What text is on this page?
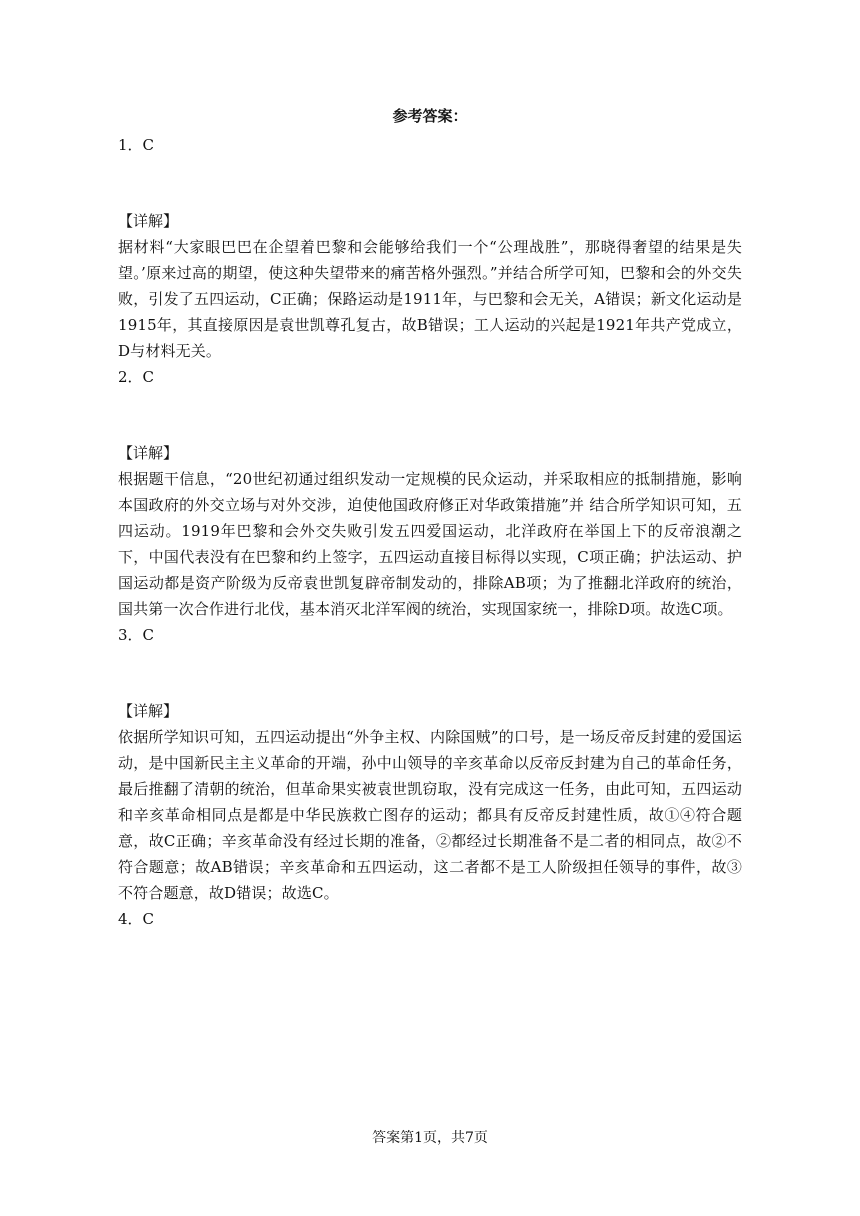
参考答案：
1．C
【详解】

据材料“大家眼巴巴在企望着巴黎和会能够给我们一个“公理战胜”，那晓得奢望的结果是失望。’原来过高的期望，使这种失望带来的痛苦格外强烈。”并结合所学可知，巴黎和会的外交失败，引发了五四运动，C正确；保路运动是1911年，与巴黎和会无关，A错误；新文化运动是1915年，其直接原因是袁世凯尊孔复古，故B错误；工人运动的兴起是1921年共产党成立，D与材料无关。

2．C
【详解】

根据题干信息，“20世纪初通过组织发动一定规模的民众运动，并采取相应的抵制措施，影响本国政府的外交立场与对外交涉，迫使他国政府修正对华政策措施”并 结合所学知识可知，五四运动。1919年巴黎和会外交失败引发五四爱国运动，北洋政府在举国上下的反帝浪潮之下，中国代表没有在巴黎和约上签字，五四运动直接目标得以实现，C项正确；护法运动、护国运动都是资产阶级为反帝袁世凯复辟帝制发动的，排除AB项；为了推翻北洋政府的统治，国共第一次合作进行北伐，基本消灭北洋军阀的统治，实现国家统一，排除D项。故选C项。

3．C
【详解】

依据所学知识可知，五四运动提出“外争主权、内除国贼”的口号，是一场反帝反封建的爱国运动，是中国新民主主义革命的开端，孙中山领导的辛亥革命以反帝反封建为自己的革命任务，最后推翻了清朝的统治，但革命果实被袁世凯窃取，没有完成这一任务，由此可知，五四运动和辛亥革命相同点是都是中华民族救亡图存的运动；都具有反帝反封建性质，故①④符合题意，故C正确；辛亥革命没有经过长期的准备，②都经过长期准备不是二者的相同点，故②不符合题意；故AB错误；辛亥革命和五四运动，这二者都不是工人阶级担任领导的事件，故③不符合题意，故D错误；故选C。

4．C
答案第1页，共7页
